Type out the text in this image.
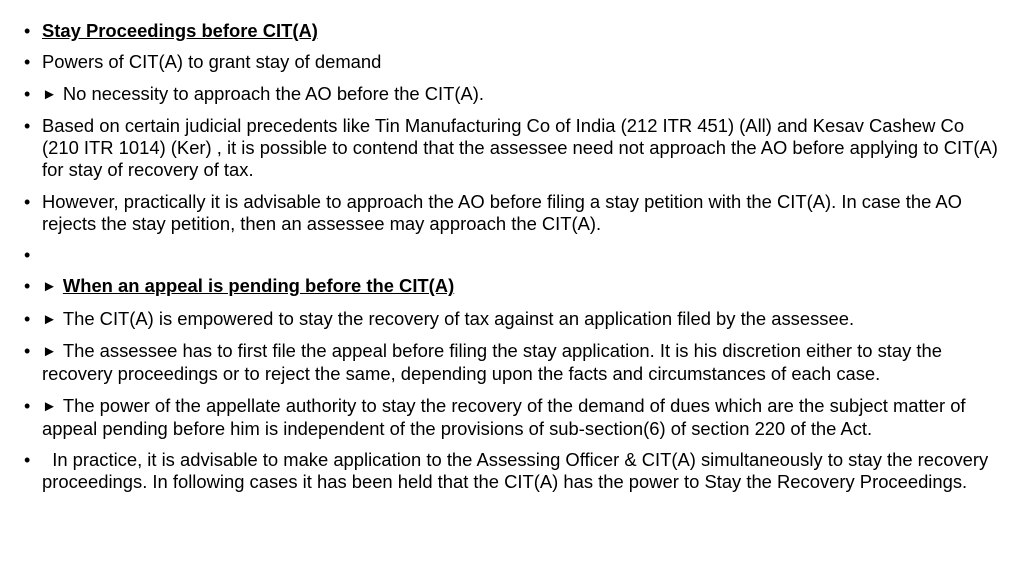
• Stay Proceedings before CIT(A)
• Powers of CIT(A) to grant stay of demand
• ► No necessity to approach the AO before the CIT(A).
• Based on certain judicial precedents like Tin Manufacturing Co of India (212 ITR 451) (All) and Kesav Cashew Co (210 ITR 1014) (Ker) , it is possible to contend that the assessee need not approach the AO before applying to CIT(A) for stay of recovery of tax.
• However, practically it is advisable to approach the AO before filing a stay petition with the CIT(A). In case the AO rejects the stay petition, then an assessee may approach the CIT(A).
•
• ► When an appeal is pending before the CIT(A)
• ► The CIT(A) is empowered to stay the recovery of tax against an application filed by the assessee.
• ► The assessee has to first file the appeal before filing the stay application. It is his discretion either to stay the recovery proceedings or to reject the same, depending upon the facts and circumstances of each case.
• ► The power of the appellate authority to stay the recovery of the demand of dues which are the subject matter of appeal pending before him is independent of the provisions of sub-section(6) of section 220 of the Act.
• In practice, it is advisable to make application to the Assessing Officer & CIT(A) simultaneously to stay the recovery proceedings. In following cases it has been held that the CIT(A) has the power to Stay the Recovery Proceedings.
